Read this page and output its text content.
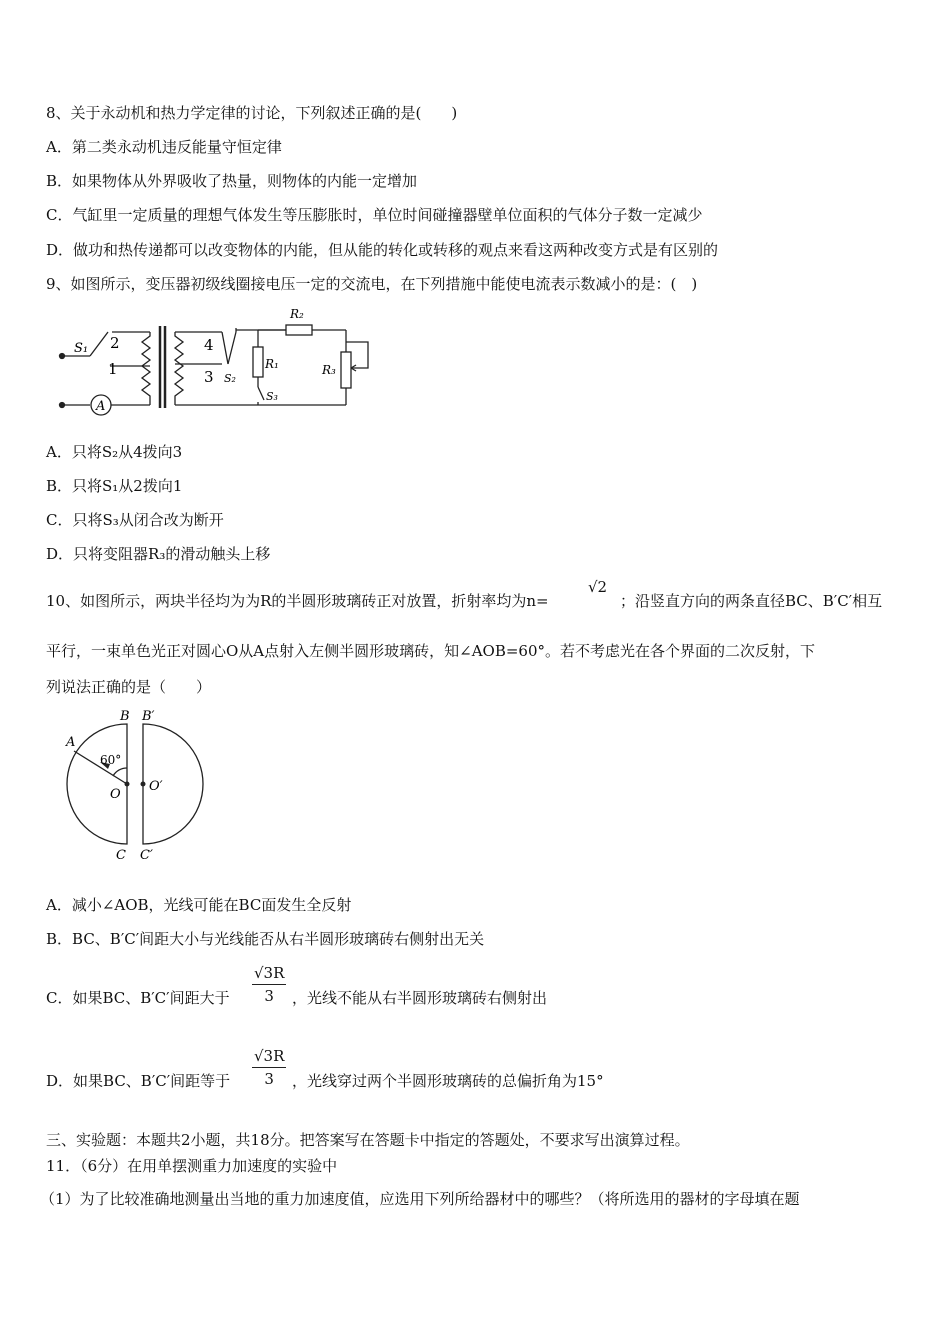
8、关于永动机和热力学定律的讨论，下列叙述正确的是(　　)
A．第二类永动机违反能量守恒定律
B．如果物体从外界吸收了热量，则物体的内能一定增加
C．气缸里一定质量的理想气体发生等压膨胀时，单位时间碰撞器壁单位面积的气体分子数一定减少
D．做功和热传递都可以改变物体的内能，但从能的转化或转移的观点来看这两种改变方式是有区别的
9、如图所示，变压器初级线圈接电压一定的交流电，在下列措施中能使电流表示数减小的是：(　)
S₁ 2
1
A
4
3 S₂
R₁
R₂
S₃
R₃
A．只将S₂从4拨向3
B．只将S₁从2拨向1
C．只将S₃从闭合改为断开
D．只将变阻器R₃的滑动触头上移
10、如图所示，两块半径均为为R的半圆形玻璃砖正对放置，折射率均为n=
√2
；沿竖直方向的两条直径BC、B′C′相互
平行，一束单色光正对圆心O从A点射入左侧半圆形玻璃砖，知∠AOB=60°。若不考虑光在各个界面的二次反射，下
列说法正确的是（　　）
B B′
A
60°
O
O′
C C′
A．减小∠AOB，光线可能在BC面发生全反射
B．BC、B′C′间距大小与光线能否从右半圆形玻璃砖右侧射出无关
C．如果BC、B′C′间距大于 $\frac{√3R}{3}$ ，光线不能从右半圆形玻璃砖右侧射出
D．如果BC、B′C′间距等于 $\frac{√3R}{3}$ ，光线穿过两个半圆形玻璃砖的总偏折角为15°
三、实验题：本题共2小题，共18分。把答案写在答题卡中指定的答题处，不要求写出演算过程。
11．（6分）在用单摆测重力加速度的实验中
（1）为了比较准确地测量出当地的重力加速度值，应选用下列所给器材中的哪些？（将所选用的器材的字母填在题
